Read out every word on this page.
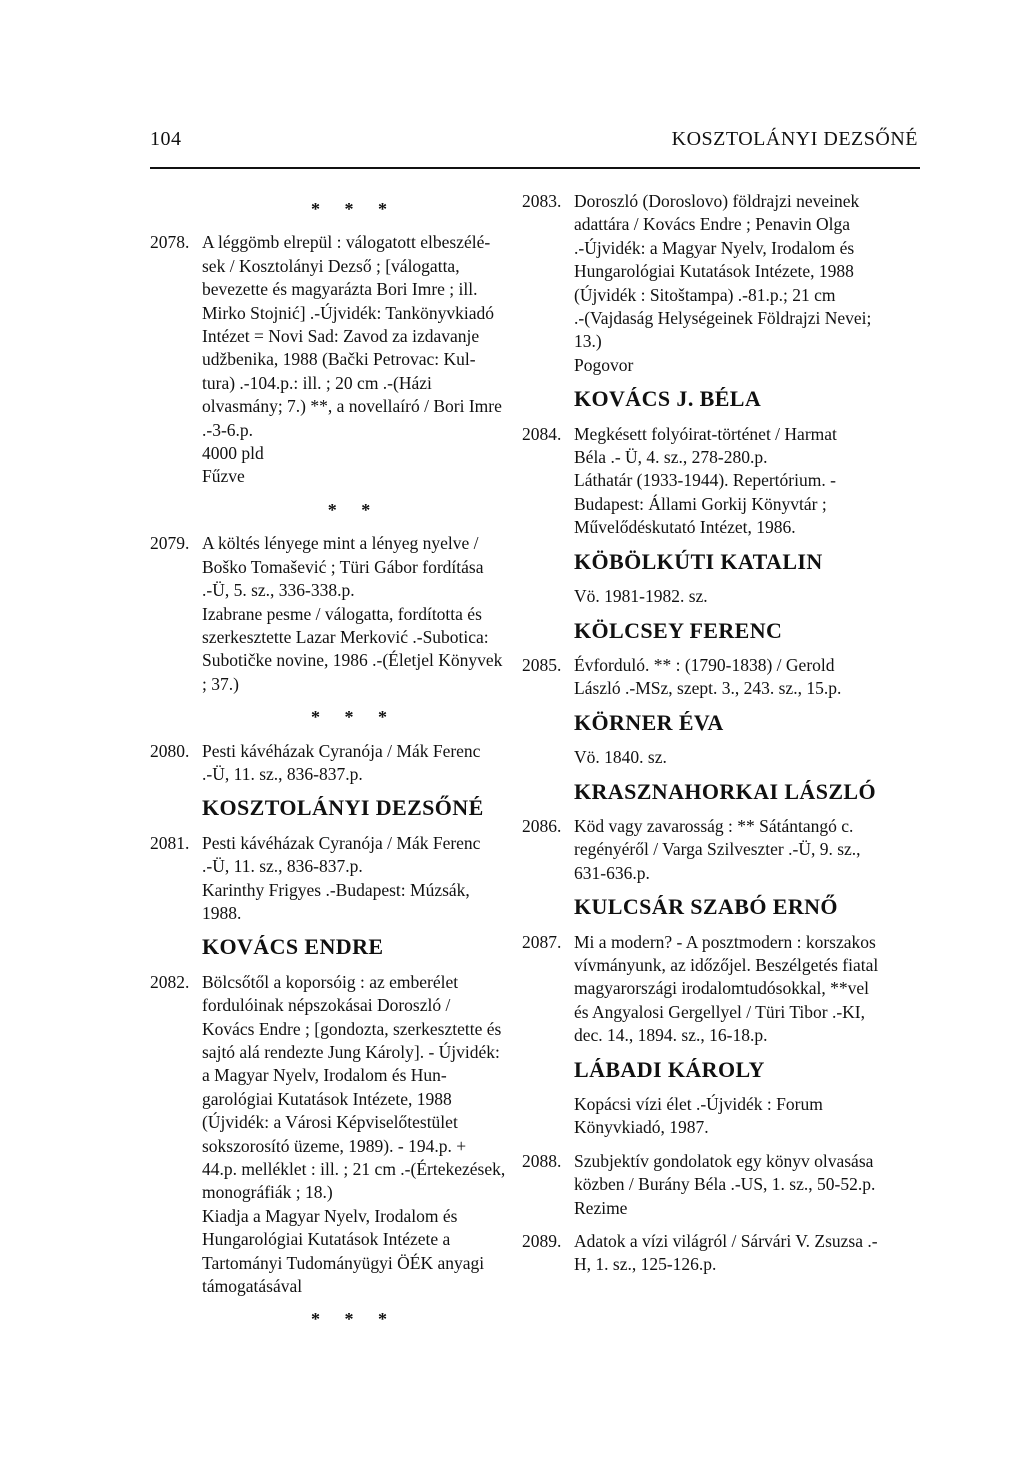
104	KOSZTOLÁNYI DEZSŐNÉ
* * *
2078. A léggömb elrepül : válogatott elbeszélé-

sek / Kosztolányi Dezső ; [válogatta,

bevezette és magyarázta Bori Imre ; ill.

Mirko Stojnić] .-Újvidék: Tankönyvkiadó

Intézet = Novi Sad: Zavod za izdavanje

udžbenika, 1988 (Bački Petrovac: Kul-

tura) .-104.p.: ill. ; 20 cm .-(Házi

olvasmány; 7.) **, a novellaíró / Bori Imre

.-3-6.p.

4000 pld

Fűzve

* *
2079. A költés lényege mint a lényeg nyelve /

Boško Tomašević ; Türi Gábor fordítása

.-Ü, 5. sz., 336-338.p.

Izabrane pesme / válogatta, fordította és

szerkesztette Lazar Merković .-Subotica:

Subotičke novine, 1986 .-(Életjel Könyvek

; 37.)

* * *
2080. Pesti kávéházak Cyranója / Mák Ferenc

.-Ü, 11. sz., 836-837.p.

KOSZTOLÁNYI DEZSŐNÉ
2081. Pesti kávéházak Cyranója / Mák Ferenc

.-Ü, 11. sz., 836-837.p.

Karinthy Frigyes .-Budapest: Múzsák,

1988.

KOVÁCS ENDRE
2082. Bölcsőtől a koporsóig : az emberélet

fordulóinak népszokásai Doroszló /

Kovács Endre ; [gondozta, szerkesztette és

sajtó alá rendezte Jung Károly]. - Újvidék:

a Magyar Nyelv, Irodalom és Hun-

garológiai Kutatások Intézete, 1988

(Újvidék: a Városi Képviselőtestület

sokszorosító üzeme, 1989). - 194.p. +

44.p. melléklet : ill. ; 21 cm .-(Értekezések,

monográfiák ; 18.)

Kiadja a Magyar Nyelv, Irodalom és

Hungarológiai Kutatások Intézete a

Tartományi Tudományügyi ÖÉK anyagi

támogatásával

* * *
2083. Doroszló (Doroslovo) földrajzi neveinek

adattára / Kovács Endre ; Penavin Olga

.-Újvidék: a Magyar Nyelv, Irodalom és

Hungarológiai Kutatások Intézete, 1988

(Újvidék : Sitoštampa) .-81.p.; 21 cm

.-(Vajdaság Helységeinek Földrajzi Nevei;

13.)

Pogovor

KOVÁCS J. BÉLA
2084. Megkésett folyóirat-történet / Harmat

Béla .- Ü, 4. sz., 278-280.p.

Láthatár (1933-1944). Repertórium. -

Budapest: Állami Gorkij Könyvtár ;

Művelődéskutató Intézet, 1986.

KÖBÖLKÚTI KATALIN

Vö. 1981-1982. sz.

KÖLCSEY FERENC
2085. Évforduló. ** : (1790-1838) / Gerold

László .-MSz, szept. 3., 243. sz., 15.p.

KÖRNER ÉVA

Vö. 1840. sz.

KRASZNAHORKAI LÁSZLÓ
2086. Köd vagy zavarosság : ** Sátántangó c.

regényéről / Varga Szilveszter .-Ü, 9. sz.,

631-636.p.

KULCSÁR SZABÓ ERNŐ
2087. Mi a modern? - A posztmodern : korszakos

vívmányunk, az időzőjel. Beszélgetés fiatal

magyarországi irodalomtudósokkal, **vel

és Angyalosi Gergellyel / Türi Tibor .-KI,

dec. 14., 1894. sz., 16-18.p.

LÁBADI KÁROLY

Kopácsi vízi élet .-Újvidék : Forum

Könyvkiadó, 1987.

2088. Szubjektív gondolatok egy könyv olvasása

közben / Burány Béla .-US, 1. sz., 50-52.p.

Rezime

2089. Adatok a vízi világról / Sárvári V. Zsuzsa .-

H, 1. sz., 125-126.p.
